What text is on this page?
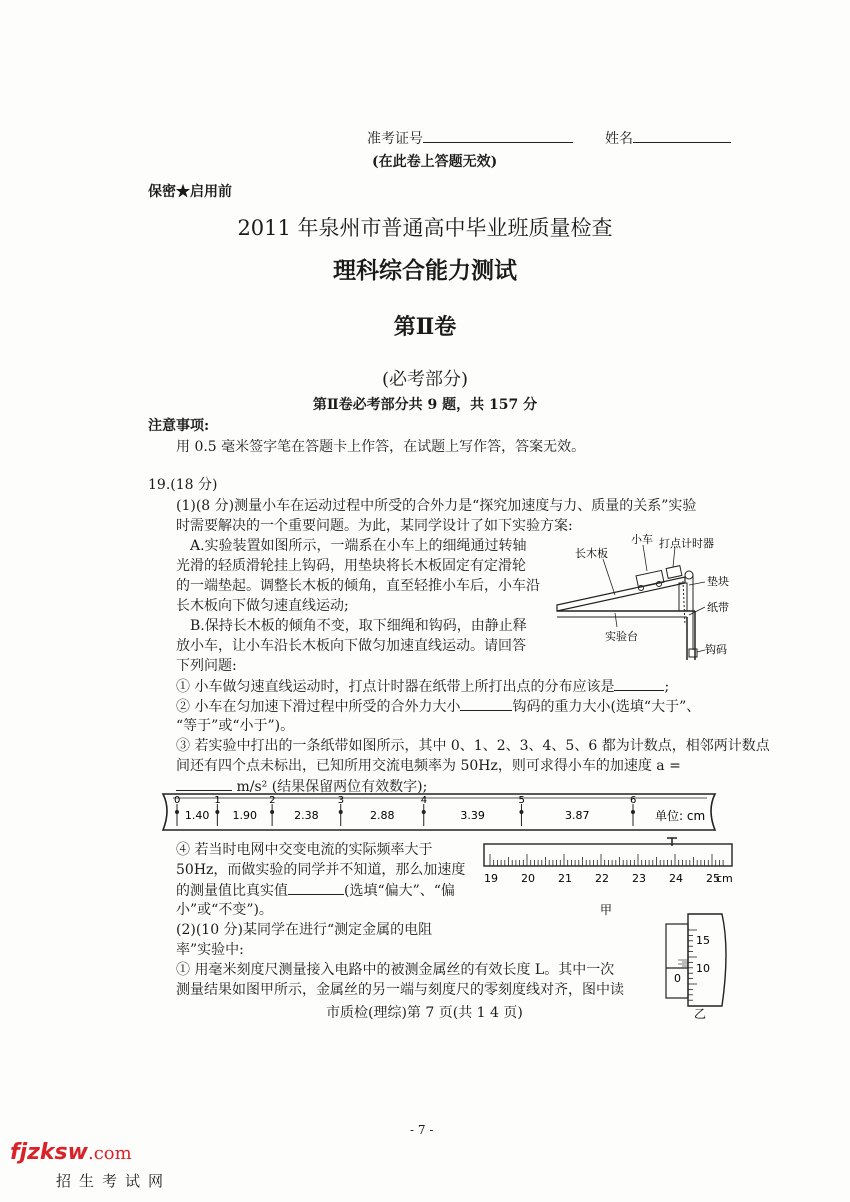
准考证号	姓名
(在此卷上答题无效)
保密★启用前
2011 年泉州市普通高中毕业班质量检查
理科综合能力测试
第Ⅱ卷
(必考部分)
第Ⅱ卷必考部分共 9 题，共 157 分
注意事项:
用 0.5 毫米签字笔在答题卡上作答，在试题上写作答，答案无效。
19.(18 分)
(1)(8 分)测量小车在运动过程中所受的合外力是“探究加速度与力、质量的关系”实验
时需要解决的一个重要问题。为此，某同学设计了如下实验方案:
A.实验装置如图所示，一端系在小车上的细绳通过转轴
光滑的轻质滑轮挂上钩码，用垫块将长木板固定有定滑轮
的一端垫起。调整长木板的倾角，直至轻推小车后，小车沿
长木板向下做匀速直线运动;
B.保持长木板的倾角不变，取下细绳和钩码，由静止释
放小车，让小车沿长木板向下做匀加速直线运动。请回答
下列问题:
小车 打点计时器
长木板
垫块
纸带
实验台
钩码
① 小车做匀速直线运动时，打点计时器在纸带上所打出点的分布应该是	;
② 小车在匀加速下滑过程中所受的合外力大小	钩码的重力大小(选填“大于”、
“等于”或“小于”)。
③ 若实验中打出的一条纸带如图所示，其中 0、1、2、3、4、5、6 都为计数点，相邻两计数点
间还有四个点未标出，已知所用交流电频率为 50Hz，则可求得小车的加速度 a =
m/s² (结果保留两位有效数字);
0	1	2	3	4	5	6
1.40 1.90	2.38	2.88	3.39	3.87	单位: cm
④ 若当时电网中交变电流的实际频率大于
50Hz，而做实验的同学并不知道，那么加速度
的测量值比真实值	(选填“偏大”、“偏
小”或“不变”)。
19 20 21 22 23 24 25
cm
甲
(2)(10 分)某同学在进行“测定金属的电阻
率”实验中:
① 用毫米刻度尺测量接入电路中的被测金属丝的有效长度 L。其中一次
测量结果如图甲所示，金属丝的另一端与刻度尺的零刻度线对齐，图中读
15
10
0
乙
市质检(理综)第 7 页(共 1 4 页)
- 7 -
fjzksw.com
招生考试网
